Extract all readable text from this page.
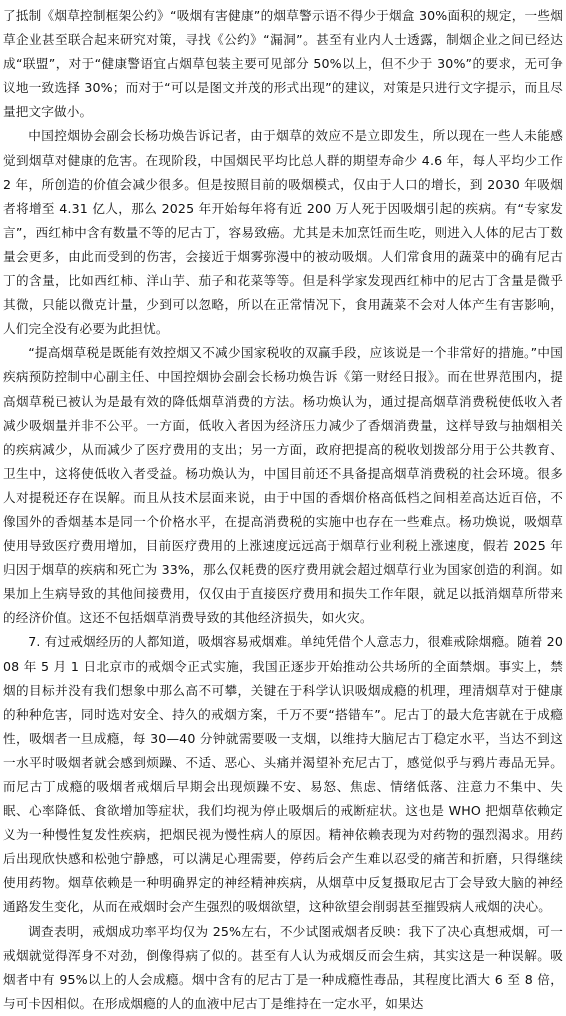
了抵制《烟草控制框架公约》“吸烟有害健康”的烟草警示语不得少于烟盒 30%面积的规定，一些烟草企业甚至联合起来研究对策，寻找《公约》“漏洞”。甚至有业内人士透露，制烟企业之间已经达成“联盟”，对于“健康警语宜占烟草包装主要可见部分 50%以上，但不少于 30%”的要求，无可争议地一致选择 30%；而对于“可以是图文并茂的形式出现”的建议，对策是只进行文字提示，而且尽量把文字做小。

中国控烟协会副会长杨功焕告诉记者，由于烟草的效应不是立即发生，所以现在一些人未能感觉到烟草对健康的危害。在现阶段，中国烟民平均比总人群的期望寿命少 4.6 年，每人平均少工作 2 年，所创造的价值会减少很多。但是按照目前的吸烟模式，仅由于人口的增长，到 2030 年吸烟者将增至 4.31 亿人，那么 2025 年开始每年将有近 200 万人死于因吸烟引起的疾病。有“专家发言”，西红柿中含有数量不等的尼古丁，容易致癌。尤其是未加烹饪而生吃，则进入人体的尼古丁数量会更多，由此而受到的伤害，会接近于烟雾弥漫中的被动吸烟。人们常食用的蔬菜中的确有尼古丁的含量，比如西红柿、洋山芋、茄子和花菜等等。但是科学家发现西红柿中的尼古丁含量是微乎其微，只能以微克计量，少到可以忽略，所以在正常情况下，食用蔬菜不会对人体产生有害影响，人们完全没有必要为此担忧。

“提高烟草税是既能有效控烟又不减少国家税收的双赢手段，应该说是一个非常好的措施。”中国疾病预防控制中心副主任、中国控烟协会副会长杨功焕告诉《第一财经日报》。而在世界范围内，提高烟草税已被认为是最有效的降低烟草消费的方法。杨功焕认为，通过提高烟草消费税使低收入者减少吸烟量并非不公平。一方面，低收入者因为经济压力减少了香烟消费量，这样导致与抽烟相关的疾病减少，从而减少了医疗费用的支出；另一方面，政府把提高的税收划拨部分用于公共教育、卫生中，这将使低收入者受益。杨功焕认为，中国目前还不具备提高烟草消费税的社会环境。很多人对提税还存在误解。而且从技术层面来说，由于中国的香烟价格高低档之间相差高达近百倍，不像国外的香烟基本是同一个价格水平，在提高消费税的实施中也存在一些难点。杨功焕说，吸烟草使用导致医疗费用增加，目前医疗费用的上涨速度远远高于烟草行业利税上涨速度，假若 2025 年归因于烟草的疾病和死亡为 33%，那么仅耗费的医疗费用就会超过烟草行业为国家创造的利润。如果加上生病导致的其他间接费用，仅仅由于直接医疗费用和损失工作年限，就足以抵消烟草所带来的经济价值。这还不包括烟草消费导致的其他经济损失，如火灾。

7. 有过戒烟经历的人都知道，吸烟容易戒烟难。单纯凭借个人意志力，很难戒除烟瘾。随着 2008 年 5 月 1 日北京市的戒烟令正式实施，我国正逐步开始推动公共场所的全面禁烟。事实上，禁烟的目标并没有我们想象中那么高不可攀，关键在于科学认识吸烟成瘾的机理，理清烟草对于健康的种种危害，同时选对安全、持久的戒烟方案，千万不要“搭错车”。尼古丁的最大危害就在于成瘾性，吸烟者一旦成瘾，每 30—40 分钟就需要吸一支烟，以维持大脑尼古丁稳定水平，当达不到这一水平时吸烟者就会感到烦躁、不适、恶心、头痛并渴望补充尼古丁，感觉似乎与鸦片毒品无异。而尼古丁成瘾的吸烟者戒烟后早期会出现烦躁不安、易怒、焦虑、情绪低落、注意力不集中、失眠、心率降低、食欲增加等症状，我们均视为停止吸烟后的戒断症状。这也是 WHO 把烟草依赖定义为一种慢性复发性疾病，把烟民视为慢性病人的原因。精神依赖表现为对药物的强烈渴求。用药后出现欣快感和松弛宁静感，可以满足心理需要，停药后会产生难以忍受的痛苦和折磨，只得继续使用药物。烟草依赖是一种明确界定的神经精神疾病，从烟草中反复摄取尼古丁会导致大脑的神经通路发生变化，从而在戒烟时会产生强烈的吸烟欲望，这种欲望会削弱甚至摧毁病人戒烟的决心。

调查表明，戒烟成功率平均仅为 25%左右，不少试图戒烟者反映：我下了决心真想戒烟，可一戒烟就觉得浑身不对劲，倒像得病了似的。甚至有人认为戒烟反而会生病，其实这是一种误解。吸烟者中有 95%以上的人会成瘾。烟中含有的尼古丁是一种成瘾性毒品，其程度比酒大 6 至 8 倍，与可卡因相似。在形成烟瘾的人的血液中尼古丁是维持在一定水平，如果达
